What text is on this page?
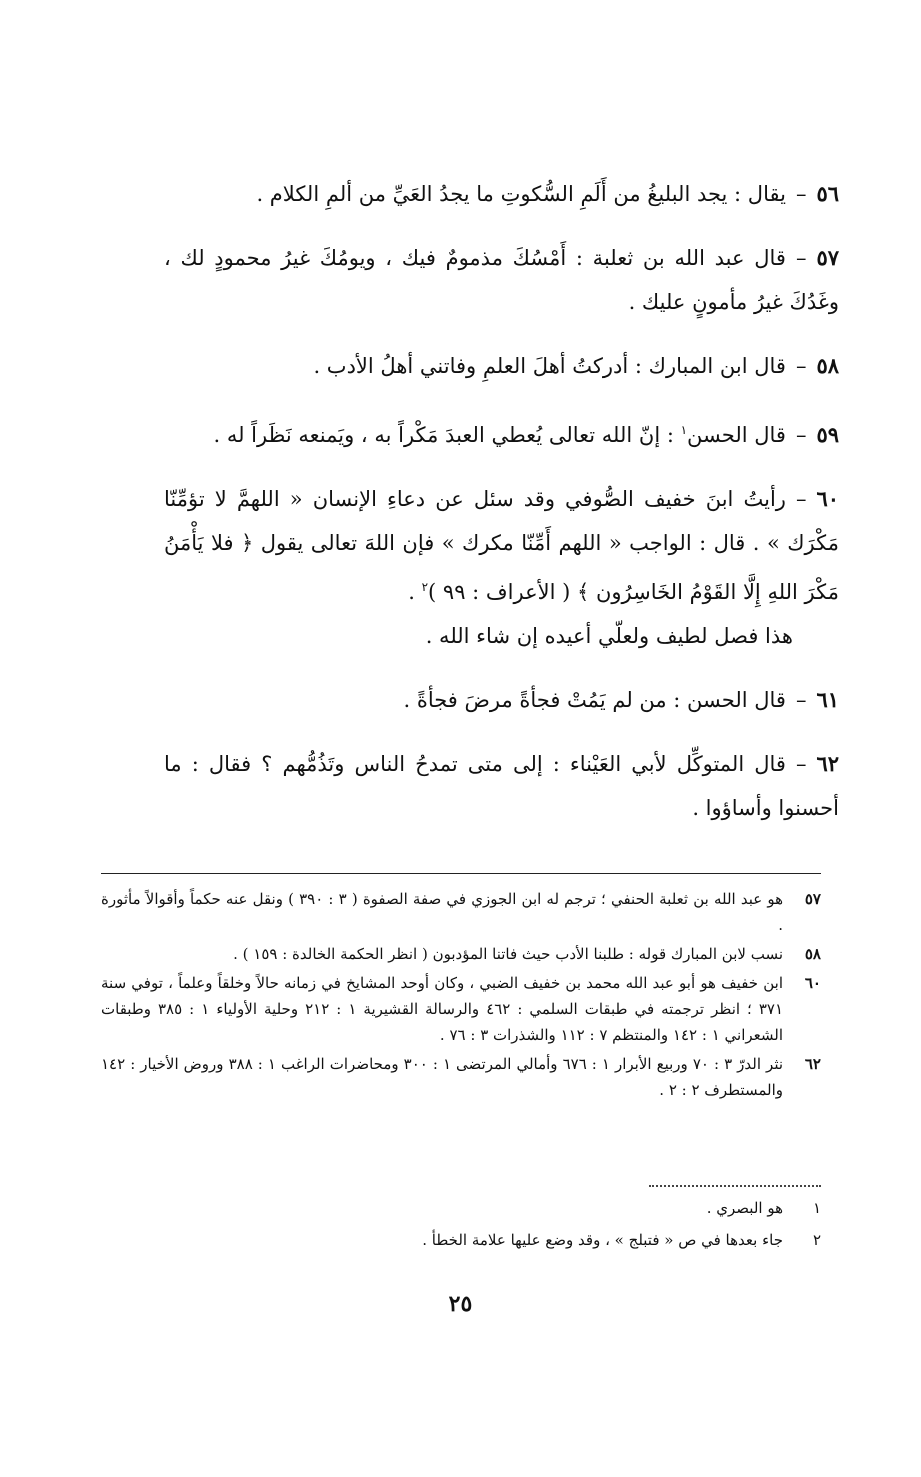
٥٦–يقال : يجد البليغُ من أَلَمِ السُّكوتِ ما يجدُ العَيِّ من ألمِ الكلام .
٥٧–قال عبد الله بن ثعلبة : أَمْسُكَ مذمومٌ فيك ، ويومُكَ غيرُ محمودٍ لك ، وغَدُكَ غيرُ مأمونٍ عليك .
٥٨–قال ابن المبارك : أدركتُ أهلَ العلمِ وفاتني أهلُ الأدب .
٥٩–قال الحسن$^١$ : إنّ الله تعالى يُعطي العبدَ مَكْراً به ، ويَمنعه نَظَراً له .
٦٠–رأيتُ ابنَ خفيف الصُّوفي وقد سئل عن دعاءِ الإنسان « اللهمَّ لا تؤمِّنّا مَكْرَك » . قال : الواجب « اللهم أَمِّنّا مكرك » فإن اللهَ تعالى يقول ﴿ فلا يَأْمَنُ مَكْرَ اللهِ إِلَّا القَوْمُ الخَاسِرُون ﴾ ( الأعراف : ٩٩ )$^٢$ .
هذا فصل لطيف ولعلّي أعيده إن شاء الله .
٦١–قال الحسن : من لم يَمُتْ فجأةً مرضَ فجأةً .
٦٢–قال المتوكِّل لأبي العَيْناء : إلى متى تمدحُ الناس وتَذُمُّهم ؟ فقال : ما أحسنوا وأساؤوا .
٥٧
هو عبد الله بن ثعلبة الحنفي ؛ ترجم له ابن الجوزي في صفة الصفوة ( ٣ : ٣٩٠ ) ونقل عنه حكماً وأقوالاً مأثورة .
٥٨
نسب لابن المبارك قوله : طلبنا الأدب حيث فاتنا المؤدبون ( انظر الحكمة الخالدة : ١٥٩ ) .
٦٠
ابن خفيف هو أبو عبد الله محمد بن خفيف الضبي ، وكان أوحد المشايخ في زمانه حالاً وخلقاً وعلماً ، توفي سنة ٣٧١ ؛ انظر ترجمته في طبقات السلمي : ٤٦٢ والرسالة القشيرية ١ : ٢١٢ وحلية الأولياء ١ : ٣٨٥ وطبقات الشعراني ١ : ١٤٢ والمنتظم ٧ : ١١٢ والشذرات ٣ : ٧٦ .
٦٢
نثر الدرّ ٣ : ٧٠ وربيع الأبرار ١ : ٦٧٦ وأمالي المرتضى ١ : ٣٠٠ ومحاضرات الراغب ١ : ٣٨٨ وروض الأخيار : ١٤٢ والمستطرف ٢ : ٢ .
١
هو البصري .
٢
جاء بعدها في ص « فتبلج » ، وقد وضع عليها علامة الخطأ .
٢٥
